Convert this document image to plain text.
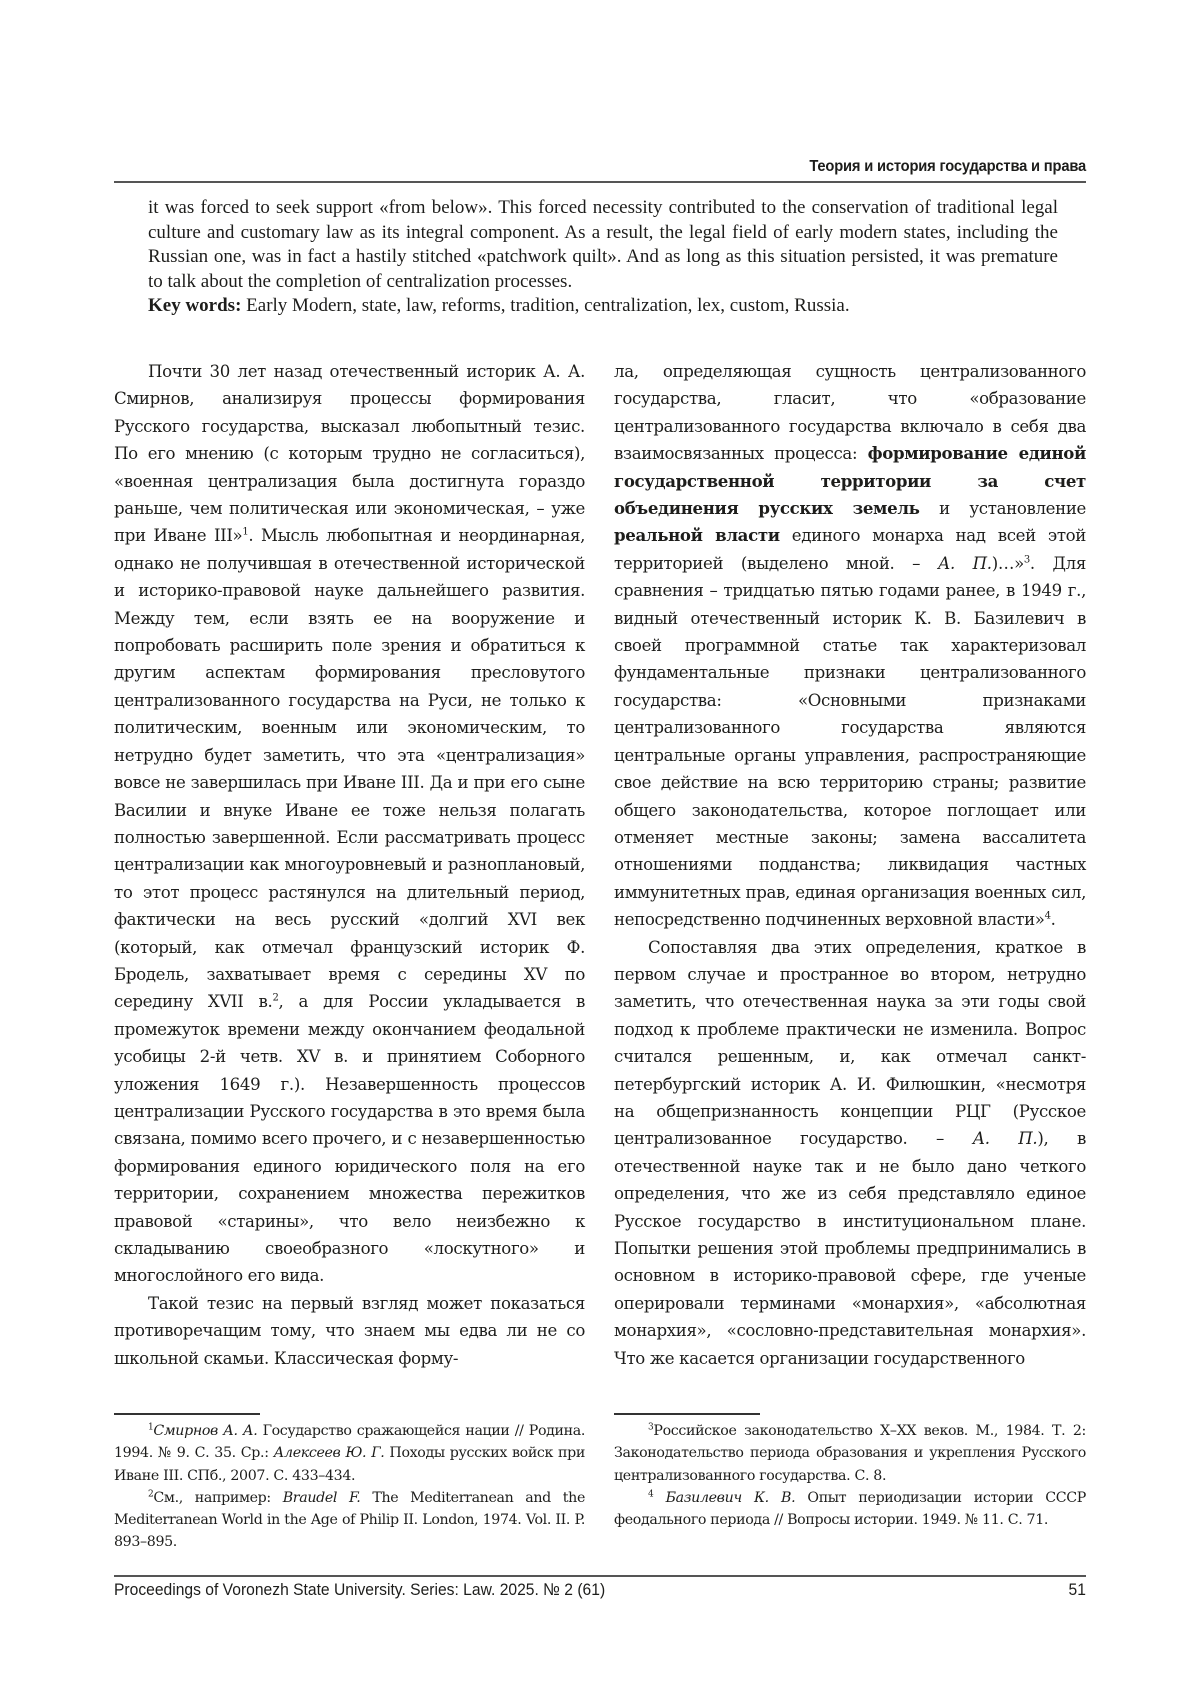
Теория и история государства и права

it was forced to seek support «from below». This forced necessity contributed to the conservation of traditional legal culture and customary law as its integral component. As a result, the legal field of early modern states, including the Russian one, was in fact a hastily stitched «patchwork quilt». And as long as this situation persisted, it was premature to talk about the completion of centralization processes.

Key words: Early Modern, state, law, reforms, tradition, centralization, lex, custom, Russia.

Почти 30 лет назад отечественный историк А. А. Смирнов, анализируя процессы формирования Русского государства, высказал любопытный тезис. По его мнению (с которым трудно не согласиться), «военная централизация была достигнута гораздо раньше, чем политическая или экономическая, – уже при Иване III»$^1$. Мысль любопытная и неординарная, однако не получившая в отечественной исторической и историко-правовой науке дальнейшего развития. Между тем, если взять ее на вооружение и попробовать расширить поле зрения и обратиться к другим аспектам формирования пресловутого централизованного государства на Руси, не только к политическим, военным или экономическим, то нетрудно будет заметить, что эта «централизация» вовсе не завершилась при Иване III. Да и при его сыне Василии и внуке Иване ее тоже нельзя полагать полностью завершенной. Если рассматривать процесс централизации как многоуровневый и разноплановый, то этот процесс растянулся на длительный период, фактически на весь русский «долгий XVI век (который, как отмечал французский историк Ф. Бродель, захватывает время с середины XV по середину XVII в.$^2$, а для России укладывается в промежуток времени между окончанием феодальной усобицы 2-й четв. XV в. и принятием Соборного уложения 1649 г.). Незавершенность процессов централизации Русского государства в это время была связана, помимо всего прочего, и с незавершенностью формирования единого юридического поля на его территории, сохранением множества пережитков правовой «старины», что вело неизбежно к складыванию своеобразного «лоскутного» и многослойного его вида.

Такой тезис на первый взгляд может показаться противоречащим тому, что знаем мы едва ли не со школьной скамьи. Классическая форму-

ла, определяющая сущность централизованного государства, гласит, что «образование централизованного государства включало в себя два взаимосвязанных процесса: формирование единой государственной территории за счет объединения русских земель и установление реальной власти единого монарха над всей этой территорией (выделено мной. – А. П.)…»$^3$. Для сравнения – тридцатью пятью годами ранее, в 1949 г., видный отечественный историк К. В. Базилевич в своей программной статье так характеризовал фундаментальные признаки централизованного государства: «Основными признаками централизованного государства являются центральные органы управления, распространяющие свое действие на всю территорию страны; развитие общего законодательства, которое поглощает или отменяет местные законы; замена вассалитета отношениями подданства; ликвидация частных иммунитетных прав, единая организация военных сил, непосредственно подчиненных верховной власти»$^4$.

Сопоставляя два этих определения, краткое в первом случае и пространное во втором, нетрудно заметить, что отечественная наука за эти годы свой подход к проблеме практически не изменила. Вопрос считался решенным, и, как отмечал санкт-петербургский историк А. И. Филюшкин, «несмотря на общепризнанность концепции РЦГ (Русское централизованное государство. – А. П.), в отечественной науке так и не было дано четкого определения, что же из себя представляло единое Русское государство в институциональном плане. Попытки решения этой проблемы предпринимались в основном в историко-правовой сфере, где ученые оперировали терминами «монархия», «абсолютная монархия», «сословно-представительная монархия». Что же касается организации государственного

$^1$Смирнов А. А. Государство сражающейся нации // Родина. 1994. № 9. С. 35. Ср.: Алексеев Ю. Г. Походы русских войск при Иване III. СПб., 2007. С. 433–434.

$^2$См., например: Braudel F. The Mediterranean and the Mediterranean World in the Age of Philip II. London, 1974. Vol. II. P. 893–895.

$^3$Российское законодательство X–XX веков. М., 1984. Т. 2: Законодательство периода образования и укрепления Русского централизованного государства. С. 8.

$^4$ Базилевич К. В. Опыт периодизации истории СССР феодального периода // Вопросы истории. 1949. № 11. С. 71.

Proceedings of Voronezh State University. Series: Law. 2025. № 2 (61)	51
